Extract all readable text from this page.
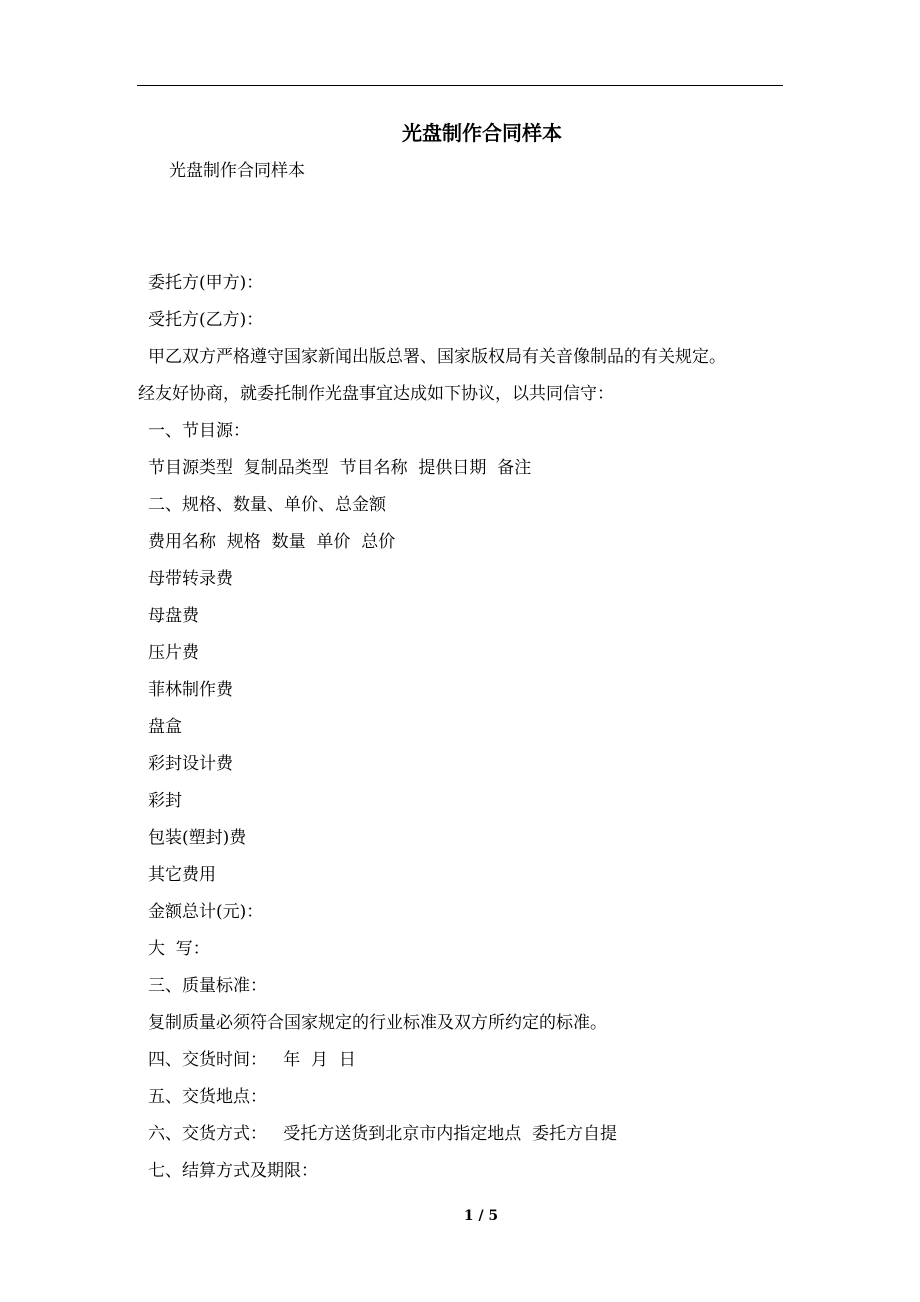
光盘制作合同样本
光盘制作合同样本
委托方(甲方)：
受托方(乙方)：
甲乙双方严格遵守国家新闻出版总署、国家版权局有关音像制品的有关规定。
经友好协商，就委托制作光盘事宜达成如下协议，以共同信守：
一、节目源：
节目源类型  复制品类型  节目名称  提供日期  备注
二、规格、数量、单价、总金额
费用名称  规格  数量  单价  总价
母带转录费
母盘费
压片费
菲林制作费
盘盒
彩封设计费
彩封
包装(塑封)费
其它费用
金额总计(元)：
大  写：
三、质量标准：
复制质量必须符合国家规定的行业标准及双方所约定的标准。
四、交货时间：   年  月  日
五、交货地点：
六、交货方式：   受托方送货到北京市内指定地点  委托方自提
七、结算方式及期限：
1 / 5
